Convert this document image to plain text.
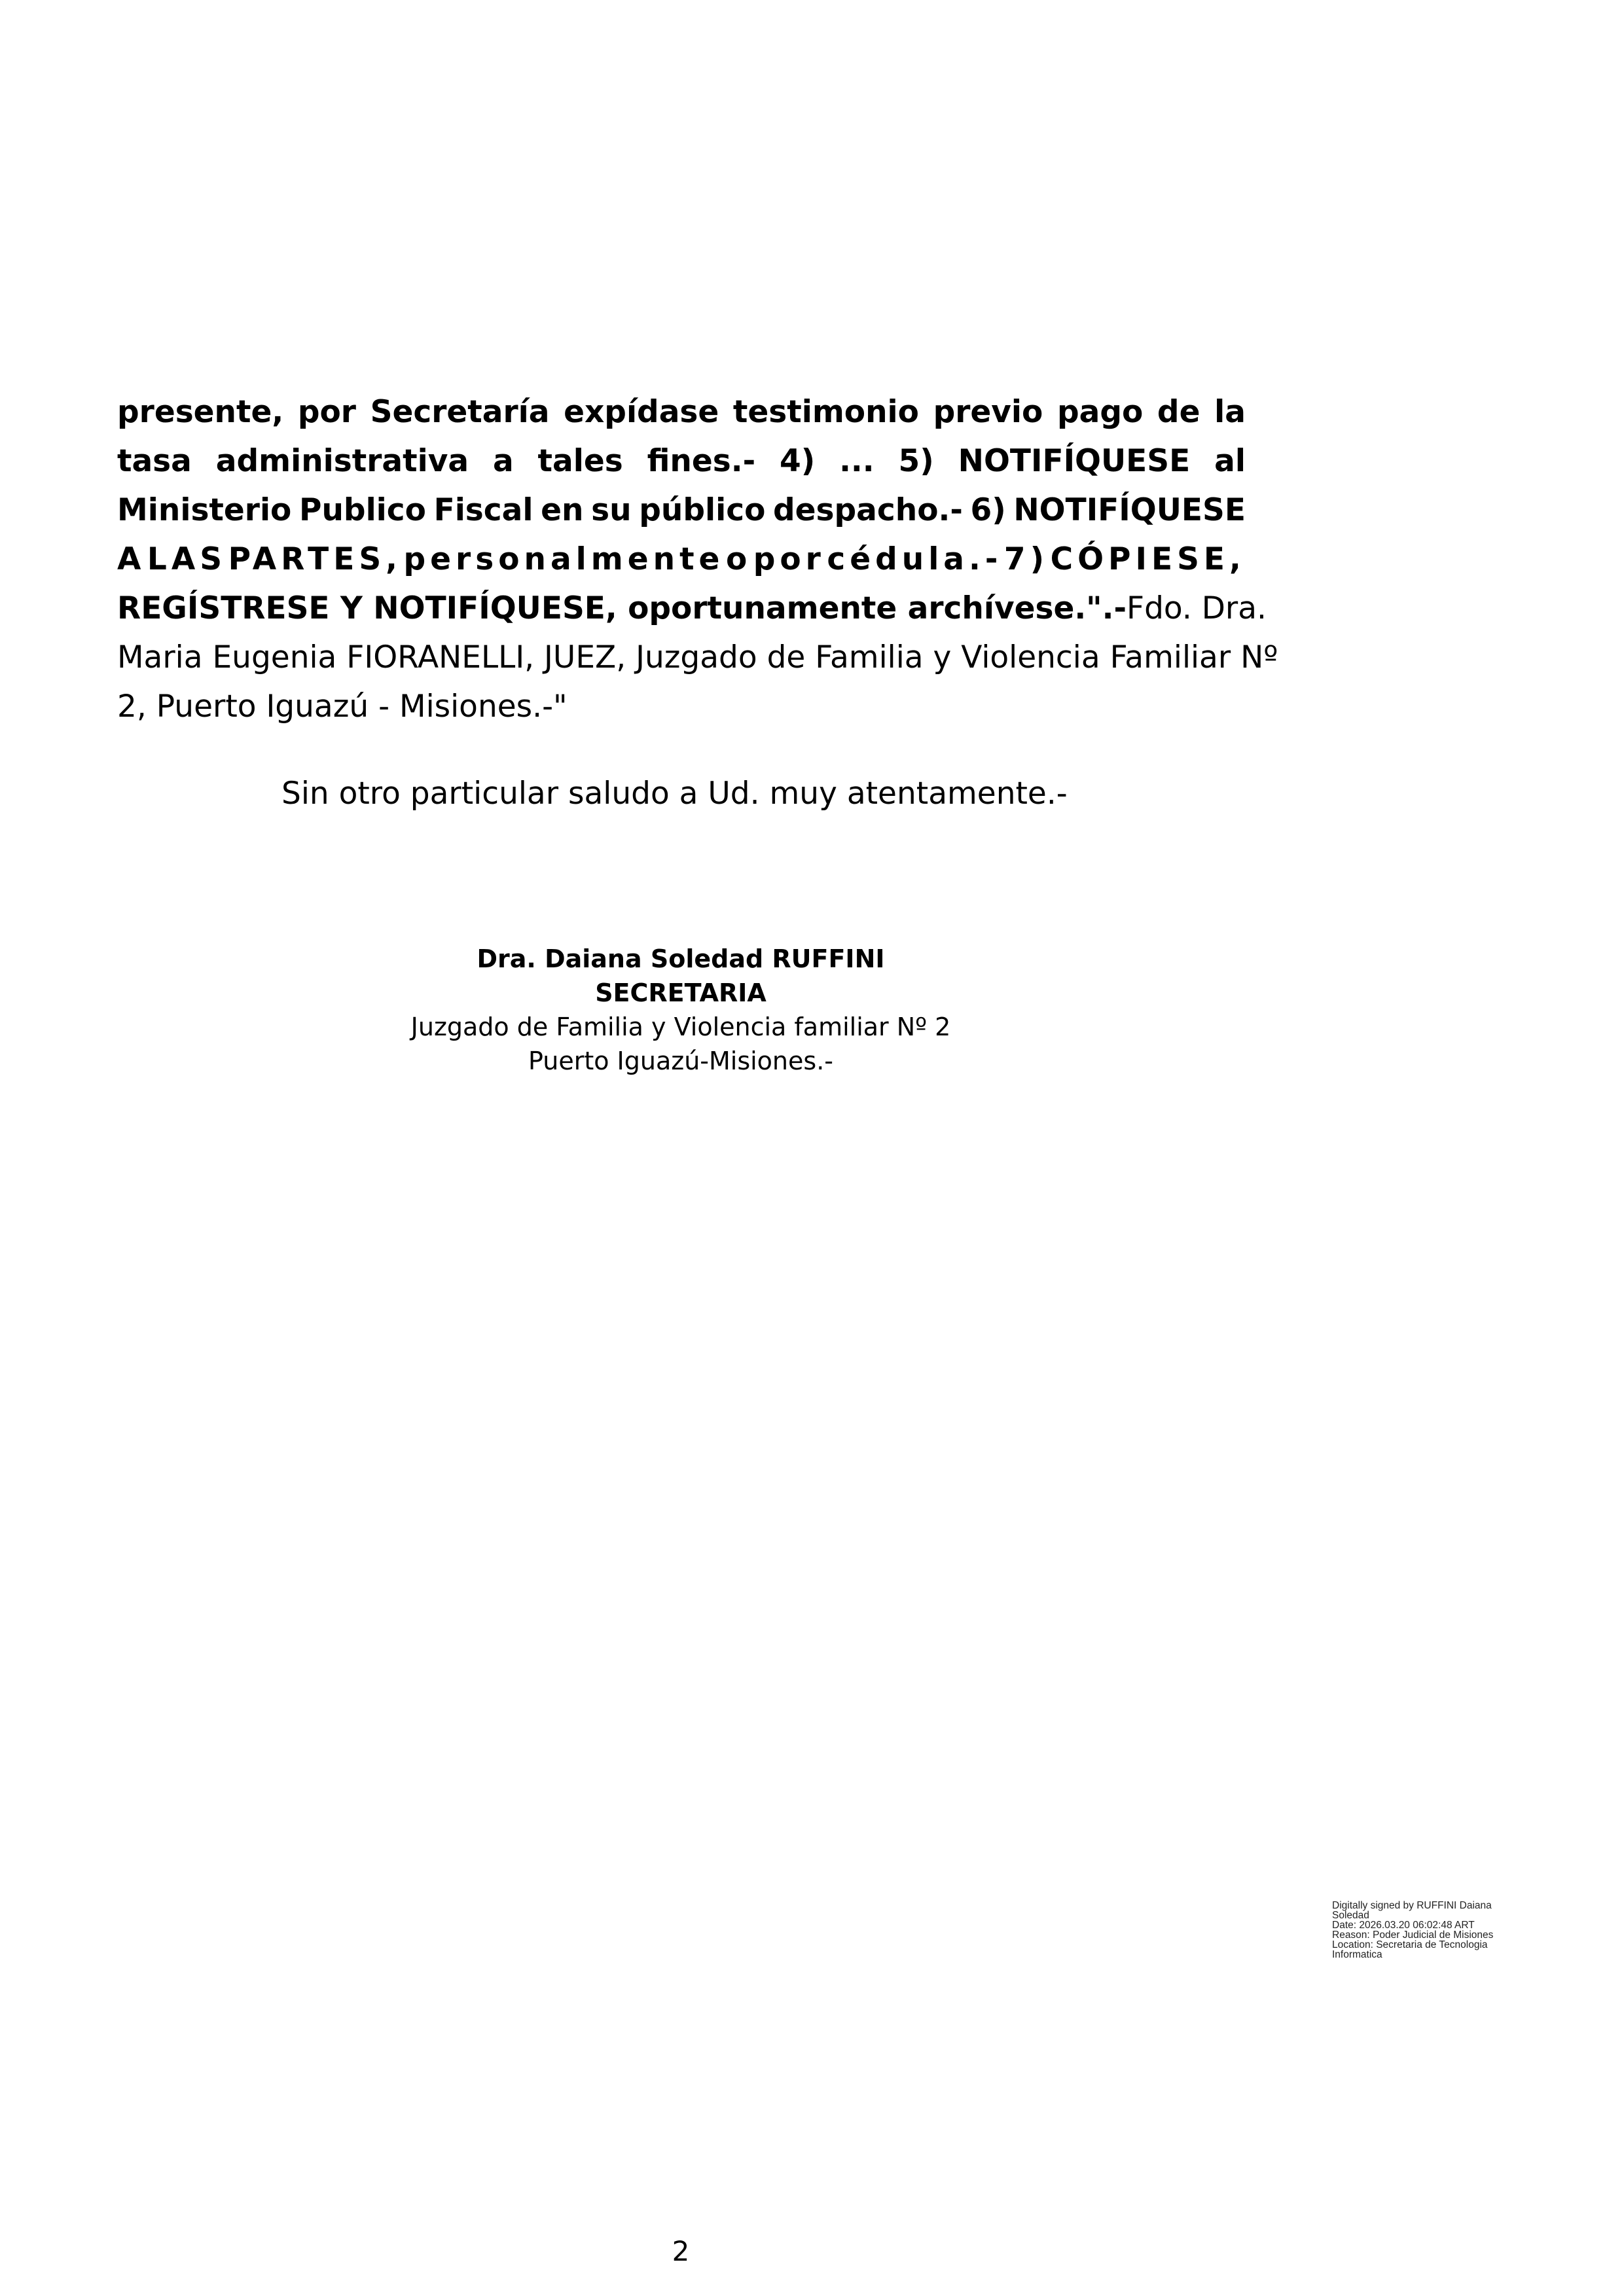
presente, por Secretaría expídase testimonio previo pago de la
tasa administrativa a tales fines.- 4) ... 5) NOTIFÍQUESE al
Ministerio Publico Fiscal en su público despacho.- 6) NOTIFÍQUESE
A LAS PARTES, personalmente o por cédula.- 7) CÓPIESE,
REGÍSTRESE Y NOTIFÍQUESE, oportunamente archívese.".- Fdo. Dra.
Maria Eugenia FIORANELLI, JUEZ, Juzgado de Familia y Violencia Familiar Nº
2, Puerto Iguazú - Misiones.-"
Sin otro particular saludo a Ud. muy atentamente.-
Dra. Daiana Soledad RUFFINI
SECRETARIA
Juzgado de Familia y Violencia familiar Nº 2
Puerto Iguazú-Misiones.-
Digitally signed by RUFFINI Daiana
Soledad
Date: 2026.03.20 06:02:48 ART
Reason: Poder Judicial de Misiones
Location: Secretaria de Tecnologia
Informatica
2
